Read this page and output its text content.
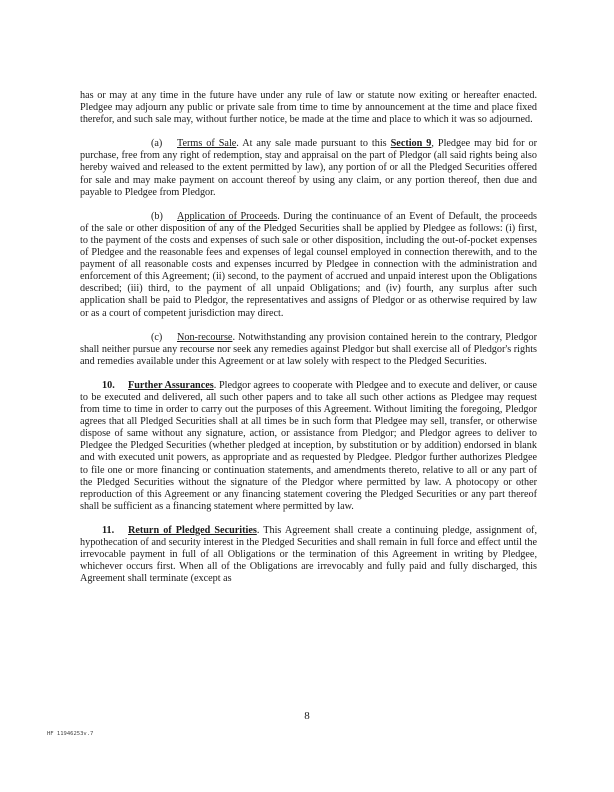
has or may at any time in the future have under any rule of law or statute now exiting or hereafter enacted. Pledgee may adjourn any public or private sale from time to time by announcement at the time and place fixed therefor, and such sale may, without further notice, be made at the time and place to which it was so adjourned.

(a) Terms of Sale. At any sale made pursuant to this Section 9, Pledgee may bid for or purchase, free from any right of redemption, stay and appraisal on the part of Pledgor (all said rights being also hereby waived and released to the extent permitted by law), any portion of or all the Pledged Securities offered for sale and may make payment on account thereof by using any claim, or any portion thereof, then due and payable to Pledgee from Pledgor.

(b) Application of Proceeds. During the continuance of an Event of Default, the proceeds of the sale or other disposition of any of the Pledged Securities shall be applied by Pledgee as follows: (i) first, to the payment of the costs and expenses of such sale or other disposition, including the out-of-pocket expenses of Pledgee and the reasonable fees and expenses of legal counsel employed in connection therewith, and to the payment of all reasonable costs and expenses incurred by Pledgee in connection with the administration and enforcement of this Agreement; (ii) second, to the payment of accrued and unpaid interest upon the Obligations described; (iii) third, to the payment of all unpaid Obligations; and (iv) fourth, any surplus after such application shall be paid to Pledgor, the representatives and assigns of Pledgor or as otherwise required by law or as a court of competent jurisdiction may direct.

(c) Non-recourse. Notwithstanding any provision contained herein to the contrary, Pledgor shall neither pursue any recourse nor seek any remedies against Pledgor but shall exercise all of Pledgor's rights and remedies available under this Agreement or at law solely with respect to the Pledged Securities.

10. Further Assurances. Pledgor agrees to cooperate with Pledgee and to execute and deliver, or cause to be executed and delivered, all such other papers and to take all such other actions as Pledgee may request from time to time in order to carry out the purposes of this Agreement. Without limiting the foregoing, Pledgor agrees that all Pledged Securities shall at all times be in such form that Pledgee may sell, transfer, or otherwise dispose of same without any signature, action, or assistance from Pledgor; and Pledgor agrees to deliver to Pledgee the Pledged Securities (whether pledged at inception, by substitution or by addition) endorsed in blank and with executed unit powers, as appropriate and as requested by Pledgee. Pledgor further authorizes Pledgee to file one or more financing or continuation statements, and amendments thereto, relative to all or any part of the Pledged Securities without the signature of the Pledgor where permitted by law. A photocopy or other reproduction of this Agreement or any financing statement covering the Pledged Securities or any part thereof shall be sufficient as a financing statement where permitted by law.

11. Return of Pledged Securities. This Agreement shall create a continuing pledge, assignment of, hypothecation of and security interest in the Pledged Securities and shall remain in full force and effect until the irrevocable payment in full of all Obligations or the termination of this Agreement in writing by Pledgee, whichever occurs first. When all of the Obligations are irrevocably and fully paid and fully discharged, this Agreement shall terminate (except as

8
HF 11946253v.7
